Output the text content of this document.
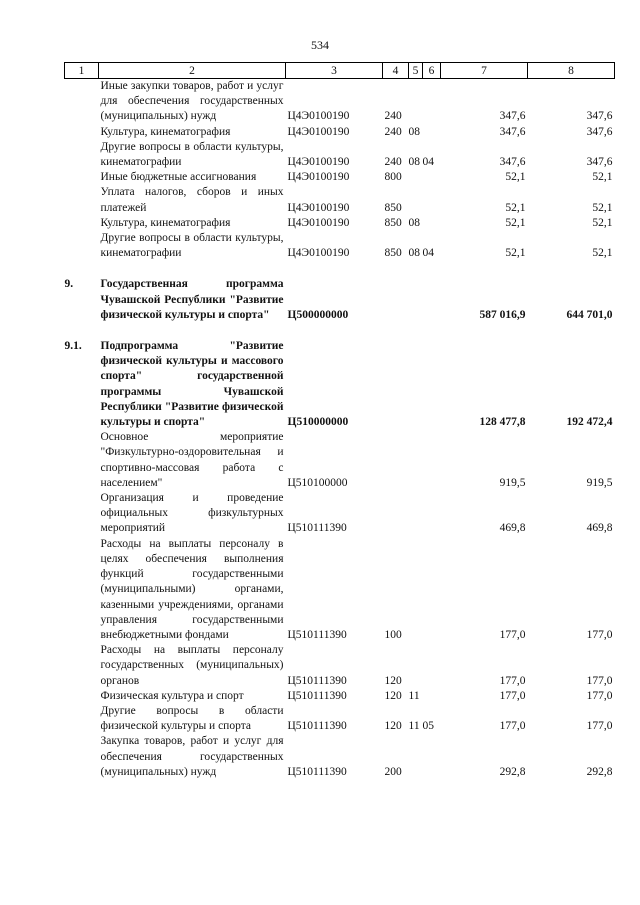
534
1	2	3	4	5	6	7	8
	Иные закупки товаров, работ и услуг для обеспечения государственных (муниципальных) нужд	Ц4Э0100190	240			347,6	347,6
	Культура, кинематография	Ц4Э0100190	240	08		347,6	347,6
	Другие вопросы в области культуры, кинематографии	Ц4Э0100190	240	08	04	347,6	347,6
	Иные бюджетные ассигнования	Ц4Э0100190	800			52,1	52,1
	Уплата налогов, сборов и иных платежей	Ц4Э0100190	850			52,1	52,1
	Культура, кинематография	Ц4Э0100190	850	08		52,1	52,1
	Другие вопросы в области культуры, кинематографии	Ц4Э0100190	850	08	04	52,1	52,1

9.	Государственная программа Чувашской Республики "Развитие физической культуры и спорта"	Ц500000000				587 016,9	644 701,0

9.1.	Подпрограмма "Развитие физической культуры и массового спорта" государственной программы Чувашской Республики "Развитие физической культуры и спорта"	Ц510000000				128 477,8	192 472,4
	Основное мероприятие "Физкультурно-оздоровительная и спортивно-массовая работа с населением"	Ц510100000				919,5	919,5
	Организация и проведение официальных физкультурных мероприятий	Ц510111390				469,8	469,8
	Расходы на выплаты персоналу в целях обеспечения выполнения функций государственными (муниципальными) органами, казенными учреждениями, органами управления государственными внебюджетными фондами	Ц510111390	100			177,0	177,0
	Расходы на выплаты персоналу государственных (муниципальных) органов	Ц510111390	120			177,0	177,0
	Физическая культура и спорт	Ц510111390	120	11		177,0	177,0
	Другие вопросы в области физической культуры и спорта	Ц510111390	120	11	05	177,0	177,0
	Закупка товаров, работ и услуг для обеспечения государственных (муниципальных) нужд	Ц510111390	200			292,8	292,8
